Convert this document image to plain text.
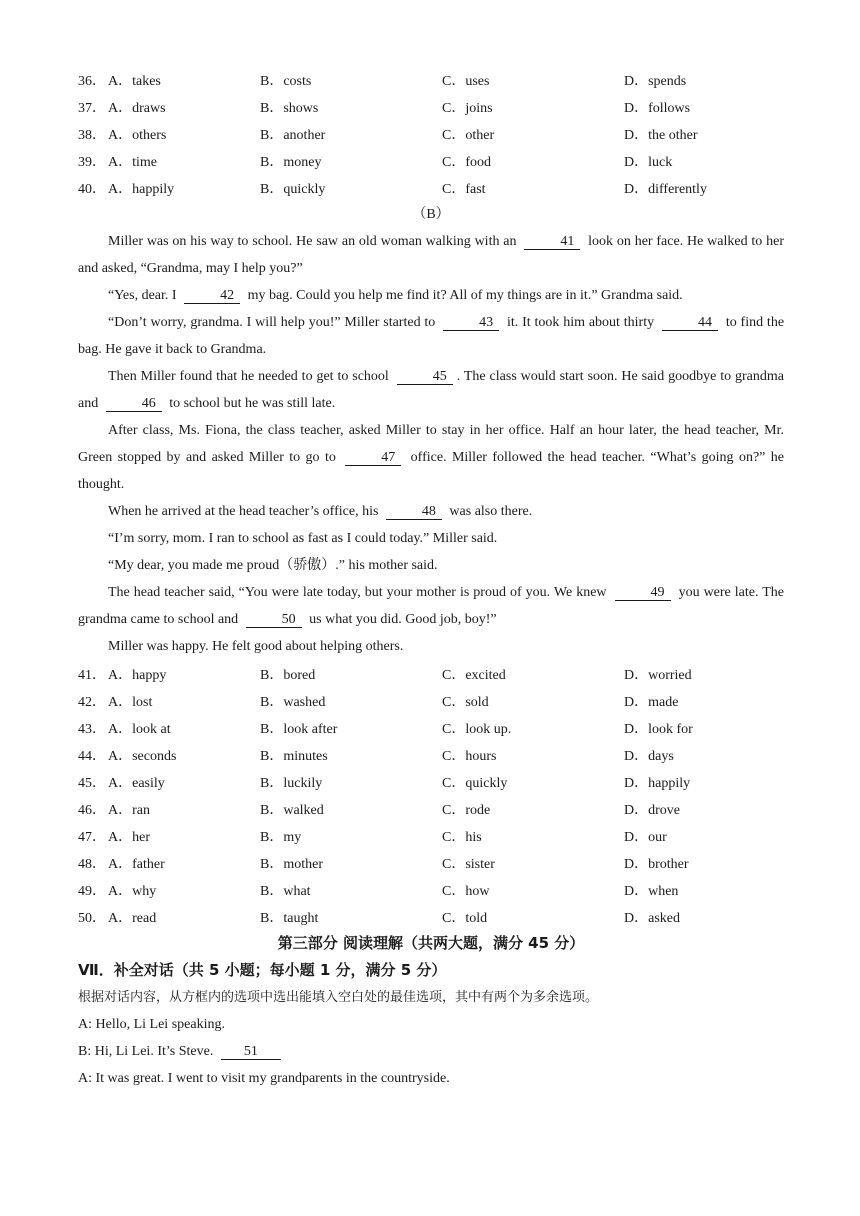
36． A．takes	B．costs	C．uses	D．spends
37． A．draws	B．shows	C．joins	D．follows
38． A．others	B．another	C．other	D．the other
39． A．time	B．money	C．food	D．luck
40． A．happily	B．quickly	C．fast	D．differently
（B）
Miller was on his way to school. He saw an old woman walking with an	41 look on her face. He walked to her and asked, “Grandma, may I help you?”
“Yes, dear. I	42 my bag. Could you help me find it? All of my things are in it.” Grandma said.
“Don’t worry, grandma. I will help you!” Miller started to	43 it. It took him about thirty	44 to find the bag. He gave it back to Grandma.
Then Miller found that he needed to get to school	45 . The class would start soon. He said goodbye to grandma and	46 to school but he was still late.
After class, Ms. Fiona, the class teacher, asked Miller to stay in her office. Half an hour later, the head teacher, Mr. Green stopped by and asked Miller to go to	47 office. Miller followed the head teacher. “What’s going on?” he thought.
When he arrived at the head teacher’s office, his	48 was also there.
“I’m sorry, mom. I ran to school as fast as I could today.” Miller said.
“My dear, you made me proud（骄傲）.” his mother said.
The head teacher said, “You were late today, but your mother is proud of you. We knew	49 you were late. The grandma came to school and	50 us what you did. Good job, boy!”
Miller was happy. He felt good about helping others.
41． A．happy	B．bored	C．excited	D．worried
42． A．lost	B．washed	C．sold	D．made
43． A．look at	B．look after	C．look up.	D．look for
44． A．seconds	B．minutes	C．hours	D．days
45． A．easily	B．luckily	C．quickly	D．happily
46． A．ran	B．walked	C．rode	D．drove
47． A．her	B．my	C．his	D．our
48． A．father	B．mother	C．sister	D．brother
49． A．why	B．what	C．how	D．when
50． A．read	B．taught	C．told	D．asked
第三部分 阅读理解（共两大题，满分 45 分）
Ⅶ．补全对话（共 5 小题；每小题 1 分，满分 5 分）
根据对话内容，从方框内的选项中选出能填入空白处的最佳选项，其中有两个为多余选项。
A: Hello, Li Lei speaking.
B: Hi, Li Lei. It’s Steve. 51
A: It was great. I went to visit my grandparents in the countryside.
